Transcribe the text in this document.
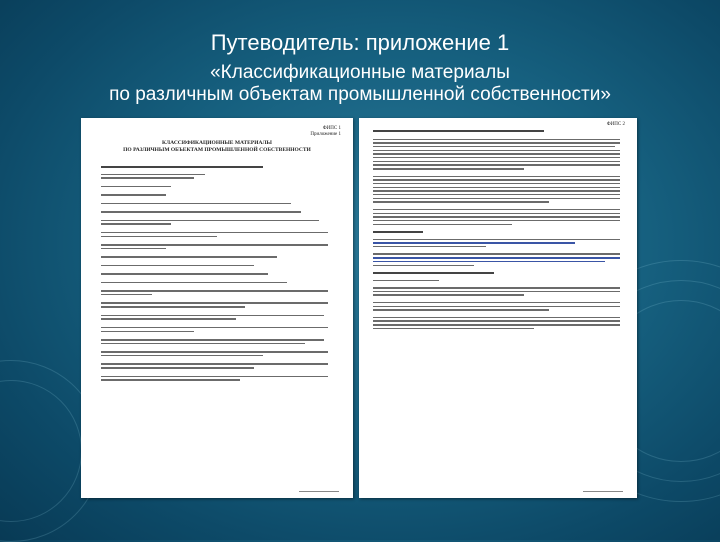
Путеводитель: приложение 1
«Классификационные материалы
по различным объектам промышленной собственности»
ФИПС 1
Приложение 1
КЛАССИФИКАЦИОННЫЕ МАТЕРИАЛЫ
ПО РАЗЛИЧНЫМ ОБЪЕКТАМ ПРОМЫШЛЕННОЙ СОБСТВЕННОСТИ
ФИПС 2
